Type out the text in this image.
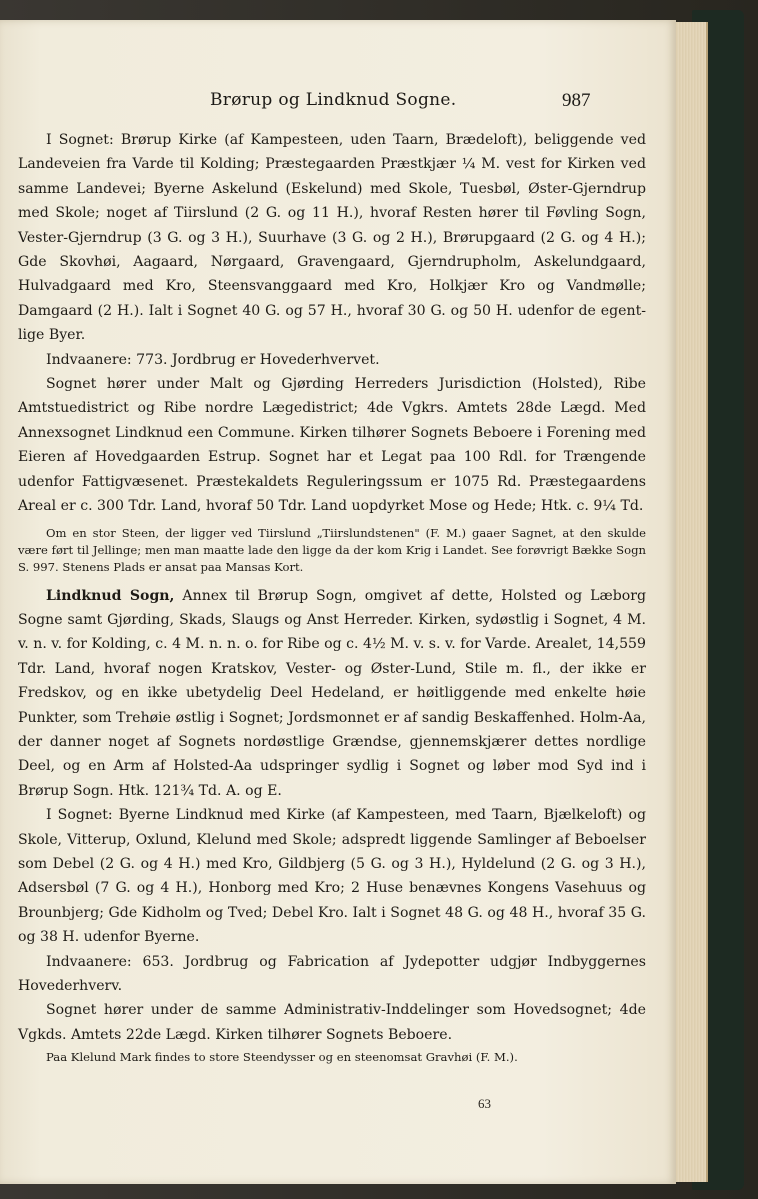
Brørup og Lindknud Sogne.	987

I Sognet: Brørup Kirke (af Kampesteen, uden Taarn, Brædeloft), beliggende ved Landeveien fra Varde til Kolding; Præstegaarden Præstkjær ¼ M. vest for Kirken ved samme Landevei; Byerne Askelund (Eskelund) med Skole, Tuesbøl, Øster-Gjerndrup med Skole; noget af Tiirslund (2 G. og 11 H.), hvoraf Resten hører til Føvling Sogn, Vester-Gjerndrup (3 G. og 3 H.), Suurhave (3 G. og 2 H.), Brørupgaard (2 G. og 4 H.); Gde Skovhøi, Aagaard, Nørgaard, Gravengaard, Gjerndrupholm, Askelundgaard, Hulvadgaard med Kro, Steensvanggaard med Kro, Holkjær Kro og Vandmølle; Damgaard (2 H.). Ialt i Sognet 40 G. og 57 H., hvoraf 30 G. og 50 H. udenfor de egentlige Byer.

Indvaanere: 773. Jordbrug er Hovederhvervet.

Sognet hører under Malt og Gjørding Herreders Jurisdiction (Holsted), Ribe Amtstuedistrict og Ribe nordre Lægedistrict; 4de Vgkrs. Amtets 28de Lægd. Med Annexsognet Lindknud een Commune. Kirken tilhører Sognets Beboere i Forening med Eieren af Hovedgaarden Estrup. Sognet har et Legat paa 100 Rdl. for Trængende udenfor Fattigvæsenet. Præstekaldets Reguleringssum er 1075 Rd. Præstegaardens Areal er c. 300 Tdr. Land, hvoraf 50 Tdr. Land uopdyrket Mose og Hede; Htk. c. 9¼ Td.

Om en stor Steen, der ligger ved Tiirslund „Tiirslundstenen" (F. M.) gaaer Sagnet, at den skulde være ført til Jellinge; men man maatte lade den ligge da der kom Krig i Landet. See forøvrigt Bække Sogn S. 997. Stenens Plads er ansat paa Mansas Kort.

Lindknud Sogn, Annex til Brørup Sogn, omgivet af dette, Holsted og Læborg Sogne samt Gjørding, Skads, Slaugs og Anst Herreder. Kirken, sydøstlig i Sognet, 4 M. v. n. v. for Kolding, c. 4 M. n. n. o. for Ribe og c. 4½ M. v. s. v. for Varde. Arealet, 14,559 Tdr. Land, hvoraf nogen Kratskov, Vester- og Øster-Lund, Stile m. fl., der ikke er Fredskov, og en ikke ubetydelig Deel Hedeland, er høitliggende med enkelte høie Punkter, som Trehøie østlig i Sognet; Jordsmonnet er af sandig Beskaffenhed. Holm-Aa, der danner noget af Sognets nordøstlige Grændse, gjennemskjærer dettes nordlige Deel, og en Arm af Holsted-Aa udspringer sydlig i Sognet og løber mod Syd ind i Brørup Sogn. Htk. 121¾ Td. A. og E.

I Sognet: Byerne Lindknud med Kirke (af Kampesteen, med Taarn, Bjælkeloft) og Skole, Vitterup, Oxlund, Klelund med Skole; adspredt liggende Samlinger af Beboelser som Debel (2 G. og 4 H.) med Kro, Gildbjerg (5 G. og 3 H.), Hyldelund (2 G. og 3 H.), Adsersbøl (7 G. og 4 H.), Honborg med Kro; 2 Huse benævnes Kongens Vasehuus og Brounbjerg; Gde Kidholm og Tved; Debel Kro. Ialt i Sognet 48 G. og 48 H., hvoraf 35 G. og 38 H. udenfor Byerne.

Indvaanere: 653. Jordbrug og Fabrication af Jydepotter udgjør Indbyggernes Hovederhverv.

Sognet hører under de samme Administrativ-Inddelinger som Hovedsognet; 4de Vgkds. Amtets 22de Lægd. Kirken tilhører Sognets Beboere.

Paa Klelund Mark findes to store Steendysser og en steenomsat Gravhøi (F. M.).

63
